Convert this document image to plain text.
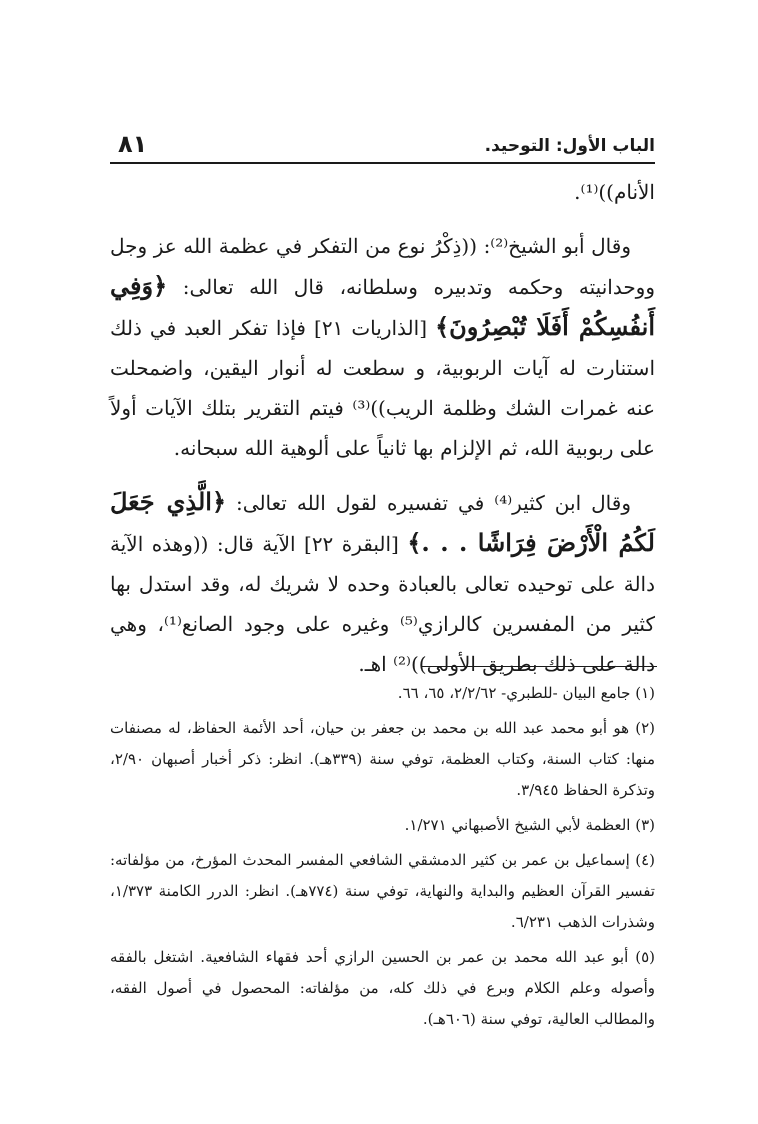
٨١	الباب الأول: التوحيد.

الأنام))⁽¹⁾.

وقال أبو الشيخ⁽²⁾: ((ذِكْرُ نوع من التفكر في عظمة الله عز وجل ووحدانيته وحكمه وتدبيره وسلطانه، قال الله تعالى: ﴿وَفِي أَنفُسِكُمْ أَفَلَا تُبْصِرُونَ﴾ [الذاريات ٢١] فإذا تفكر العبد في ذلك استنارت له آيات الربوبية، و سطعت له أنوار اليقين، واضمحلت عنه غمرات الشك وظلمة الريب))⁽³⁾ فيتم التقرير بتلك الآيات أولاً على ربوبية الله، ثم الإلزام بها ثانياً على ألوهية الله سبحانه.

وقال ابن كثير⁽⁴⁾ في تفسيره لقول الله تعالى: ﴿الَّذِي جَعَلَ لَكُمُ الْأَرْضَ فِرَاشًا . . .﴾ [البقرة ٢٢] الآية قال: ((وهذه الآية دالة على توحيده تعالى بالعبادة وحده لا شريك له، وقد استدل بها كثير من المفسرين كالرازي⁽⁵⁾ وغيره على وجود الصانع⁽¹⁾، وهي دالة على ذلك بطريق الأولى))⁽²⁾ اهـ.

(١) جامع البيان -للطبري- ٢/٢/٦٢، ٦٥، ٦٦.

(٢) هو أبو محمد عبد الله بن محمد بن جعفر بن حيان، أحد الأئمة الحفاظ، له مصنفات منها: كتاب السنة، وكتاب العظمة، توفي سنة (٣٣٩هـ). انظر: ذكر أخبار أصبهان ٢/٩٠، وتذكرة الحفاظ ٣/٩٤٥.

(٣) العظمة لأبي الشيخ الأصبهاني ١/٢٧١.

(٤) إسماعيل بن عمر بن كثير الدمشقي الشافعي المفسر المحدث المؤرخ، من مؤلفاته: تفسير القرآن العظيم والبداية والنهاية، توفي سنة (٧٧٤هـ). انظر: الدرر الكامنة ١/٣٧٣، وشذرات الذهب ٦/٢٣١.

(٥) أبو عبد الله محمد بن عمر بن الحسين الرازي أحد فقهاء الشافعية. اشتغل بالفقه وأصوله وعلم الكلام وبرع في ذلك كله، من مؤلفاته: المحصول في أصول الفقه، والمطالب العالية، توفي سنة (٦٠٦هـ).
